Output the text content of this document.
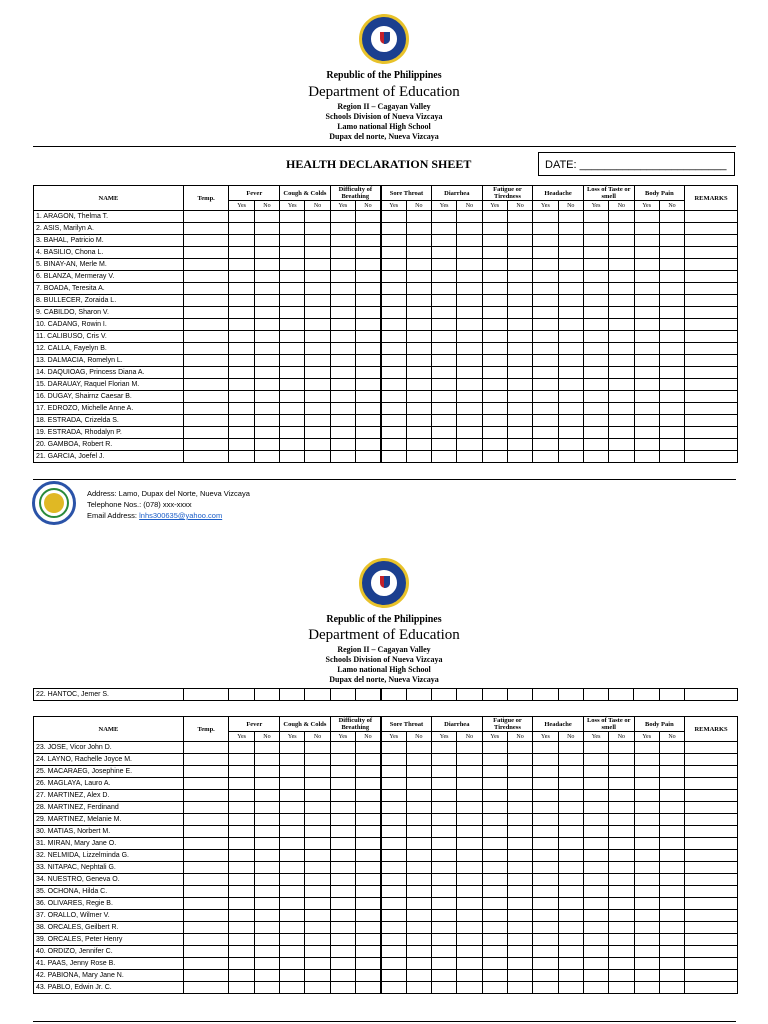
Republic of the Philippines
Department of Education
Region II – Cagayan Valley
Schools Division of Nueva Vizcaya
Lamo national High School
Dupax del norte, Nueva Vizcaya
HEALTH DECLARATION SHEET	DATE: ________________________
NAME	Temp.	Fever		Cough & Colds		Difficulty of Breathing		Sore Throat		Diarrhea		Fatigue or Tiredness		Headache		Loss of Taste or smell		Body Pain		REMARKS
		Yes	No	Yes	No	Yes	No	Yes	No	Yes	No	Yes	No	Yes	No	Yes	No	Yes	No	
1. ARAGON, Thelma T.																				
2. ASIS, Marilyn A.																				
3. BAHAL, Patricio M.																				
4. BASILIO, Chona L.																				
5. BINAY-AN, Merle M.																				
6. BLANZA, Mermeray V.																				
7. BOADA, Teresita A.																				
8. BULLECER, Zoraida L.																				
9. CABILDO, Sharon V.																				
10. CADANG, Rowin I.																				
11. CALIBUSO, Cris V.																				
12. CALLA, Fayelyn B.																				
13. DALMACIA, Romelyn L.																				
14. DAQUIOAG, Princess Diana A.																				
15. DARAUAY, Raquel Florian M.																				
16. DUGAY, Shairnz Caesar B.																				
17. EDROZO, Michelle Anne A.																				
18. ESTRADA, Crizelda S.																				
19. ESTRADA, Rhodalyn P.																				
20. GAMBOA, Robert R.																				
21. GARCIA, Joefel J.																				
Address: Lamo, Dupax del Norte, Nueva Vizcaya
Telephone Nos.: (078) xxx-xxxx
Email Address: lnhs300635@yahoo.com
Republic of the Philippines
Department of Education
Region II – Cagayan Valley
Schools Division of Nueva Vizcaya
Lamo national High School
Dupax del norte, Nueva Vizcaya
22. HANTOC, Jemer S.																				
NAME	Temp.	Fever		Cough & Colds		Difficulty of Breathing		Sore Throat		Diarrhea		Fatigue or Tiredness		Headache		Loss of Taste or smell		Body Pain		REMARKS
		Yes	No	Yes	No	Yes	No	Yes	No	Yes	No	Yes	No	Yes	No	Yes	No	Yes	No	
23. JOSE, Vicor John D.																				
24. LAYNO, Rachelle Joyce M.																				
25. MACARAEG, Josephine E.																				
26. MAGLAYA, Lauro A.																				
27. MARTINEZ, Alex D.																				
28. MARTINEZ, Ferdinand																				
29. MARTINEZ, Melanie M.																				
30. MATIAS, Norbert M.																				
31. MIRAN, Mary Jane O.																				
32. NELMIDA, Lizzelminda G.																				
33. NITAPAC, Nephtali G.																				
34. NUESTRO, Geneva O.																				
35. OCHONA, Hilda C.																				
36. OLIVARES, Regie B.																				
37. ORALLO, Wilmer V.																				
38. ORCALES, Geilbert R.																				
39. ORCALES, Peter Henry																				
40. ORDIZO, Jennifer C.																				
41. PAAS, Jenny Rose B.																				
42. PABIONA, Mary Jane N.																				
43. PABLO, Edwin Jr. C.																				
